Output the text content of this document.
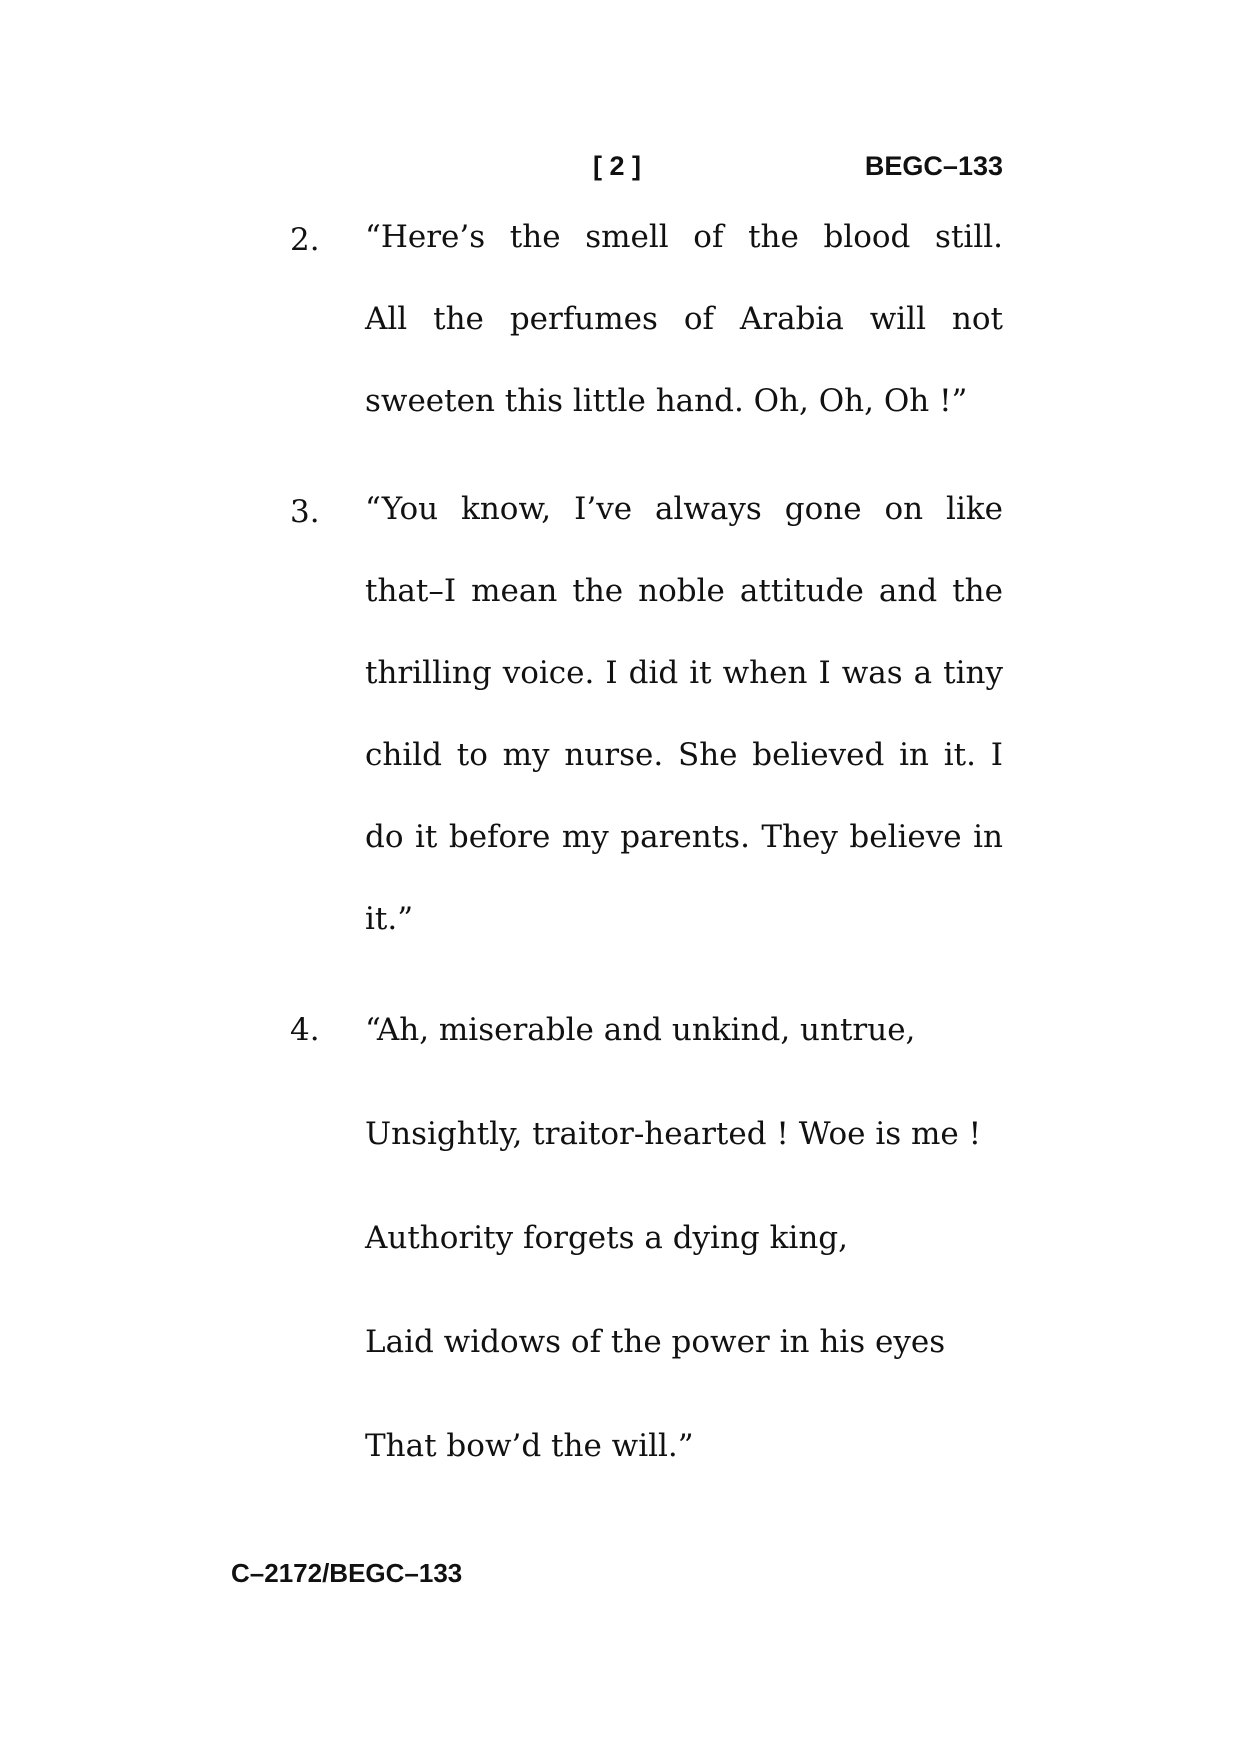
[ 2 ]	BEGC–133
2. “Here’s the smell of the blood still.
All the perfumes of Arabia will not
sweeten this little hand. Oh, Oh, Oh !”
3. “You know, I’ve always gone on like
that–I mean the noble attitude and the
thrilling voice. I did it when I was a tiny
child to my nurse. She believed in it. I
do it before my parents. They believe in
it.”
4. “Ah, miserable and unkind, untrue,
Unsightly, traitor-hearted ! Woe is me !
Authority forgets a dying king,
Laid widows of the power in his eyes
That bow’d the will.”
C–2172/BEGC–133
